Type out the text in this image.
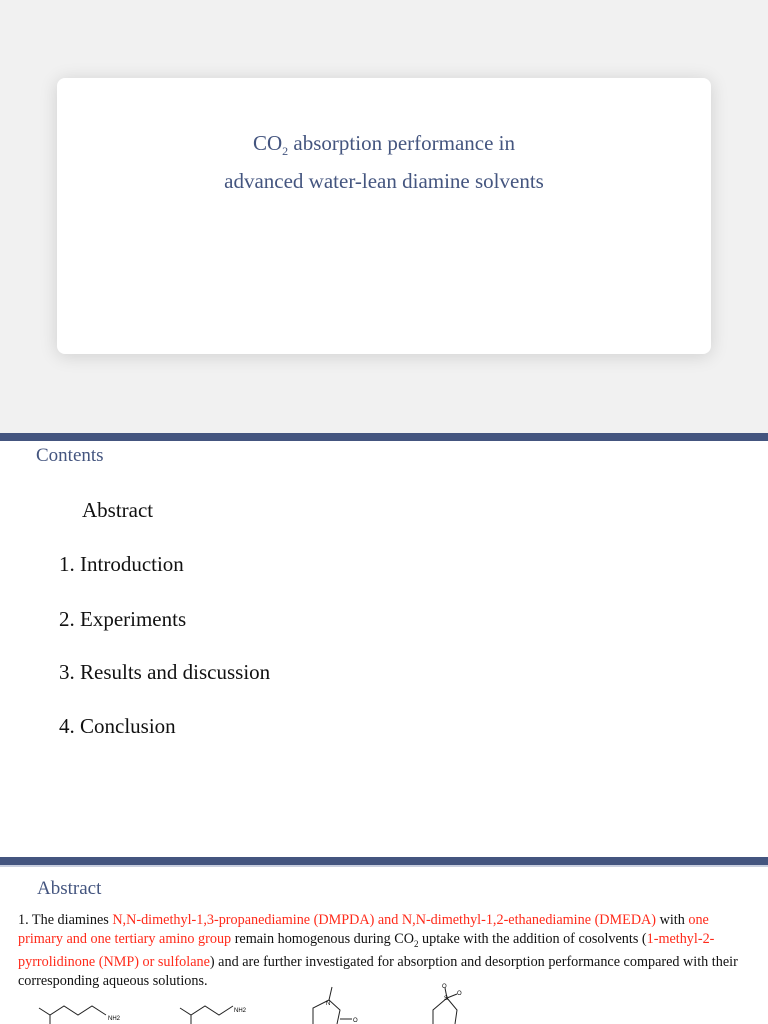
$CO_2$ absorption performance in
advanced water-lean diamine solvents
Contents
Abstract
1. Introduction
2. Experiments
3. Results and discussion
4. Conclusion
Abstract
1. The diamines N,N-dimethyl-1,3-propanediamine (DMPDA) and N,N-dimethyl-1,2-ethanediamine (DMEDA) with one primary and one tertiary amino group remain homogenous during $CO_2$ uptake with the addition of cosolvents (1-methyl-2-pyrrolidinone (NMP) or sulfolane) and are further investigated for absorption and desorption performance compared with their corresponding aqueous solutions.
NH2
NH2
N
O
S
O
O
